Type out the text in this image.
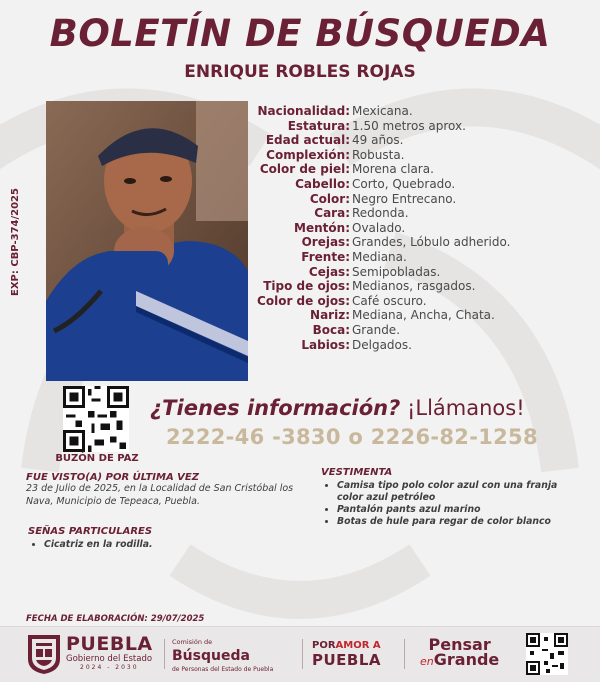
BOLETÍN DE BÚSQUEDA
ENRIQUE ROBLES ROJAS
EXP: CBP-374/2025
Nacionalidad: Mexicana.
Estatura: 1.50 metros aprox.
Edad actual: 49 años.
Complexión: Robusta.
Color de piel: Morena clara.
Cabello: Corto, Quebrado.
Color: Negro Entrecano.
Cara: Redonda.
Mentón: Ovalado.
Orejas: Grandes, Lóbulo adherido.
Frente: Mediana.
Cejas: Semipobladas.
Tipo de ojos: Medianos, rasgados.
Color de ojos: Café oscuro.
Nariz: Mediana, Ancha, Chata.
Boca: Grande.
Labios: Delgados.
BUZÓN DE PAZ
¿Tienes información? ¡Llámanos!
2222-46 -3830 o 2226-82-1258
FUE VISTO(A) POR ÚLTIMA VEZ
23 de Julio de 2025, en la Localidad de San Cristóbal los Nava, Municipio de Tepeaca, Puebla.
SEÑAS PARTICULARES
• Cicatriz en la rodilla.
VESTIMENTA
• Camisa tipo polo color azul con una franja color azul petróleo
• Pantalón pants azul marino
• Botas de hule para regar de color blanco
FECHA DE ELABORACIÓN: 29/07/2025
PUEBLA
Gobierno del Estado
2024 - 2030
Comisión de
Búsqueda
de Personas del Estado de Puebla
PORAMOR A
PUEBLA
Pensar
enGrande
